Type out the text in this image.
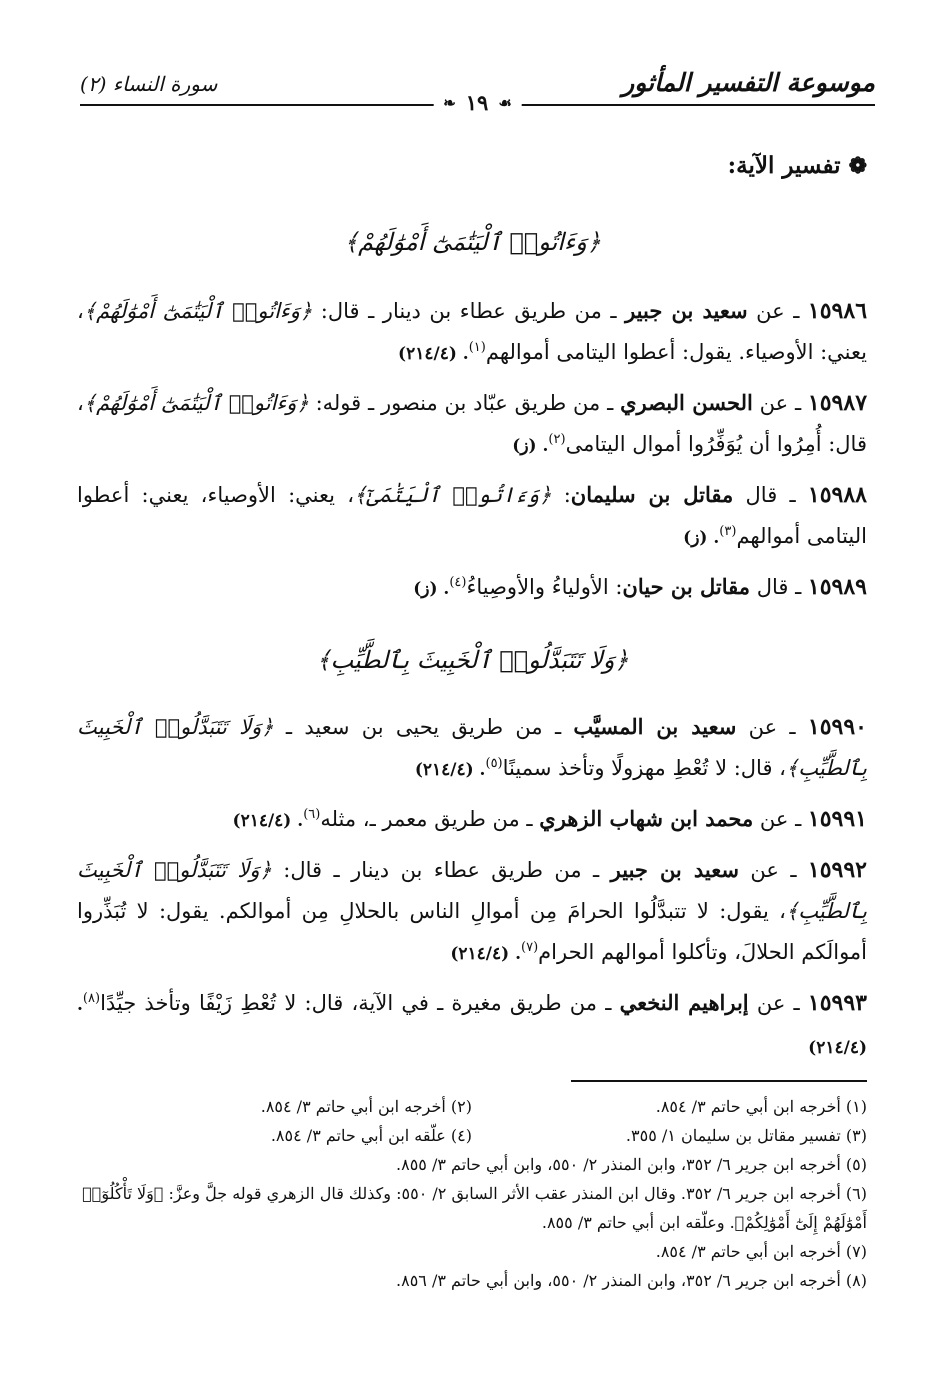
موسوعة التفسير المأثور
سورة النساء (٢)
❧ ١٩ ☙
❁تفسير الآية:
﴿وَءَاتُوا۟ ٱلْيَتَٰمَىٰٓ أَمْوَٰلَهُمْ﴾

١٥٩٨٦ ـ عن سعيد بن جبير ـ من طريق عطاء بن دينار ـ قال: ﴿وَءَاتُوا۟ ٱلْيَتَٰمَىٰٓ أَمْوَٰلَهُمْ﴾، يعني: الأوصياء. يقول: أعطوا اليتامى أموالهم$^{(١)}$. (٢١٤/٤)

١٥٩٨٧ ـ عن الحسن البصري ـ من طريق عبّاد بن منصور ـ قوله: ﴿وَءَاتُوا۟ ٱلْيَتَٰمَىٰٓ أَمْوَٰلَهُمْ﴾، قال: أُمِرُوا أن يُوَفِّرُوا أموال اليتامى$^{(٢)}$. (ز)

١٥٩٨٨ ـ قال مقاتل بن سليمان: ﴿وَءَاتُوا۟ ٱلْيَتَٰمَىٰٓ﴾، يعني: الأوصياء، يعني: أعطوا اليتامى أموالهم$^{(٣)}$. (ز)

١٥٩٨٩ ـ قال مقاتل بن حيان: الأولياءُ والأوصِياءُ$^{(٤)}$. (ز)

﴿وَلَا تَتَبَدَّلُوا۟ ٱلْخَبِيثَ بِٱلطَّيِّبِ﴾

١٥٩٩٠ ـ عن سعيد بن المسيَّب ـ من طريق يحيى بن سعيد ـ ﴿وَلَا تَتَبَدَّلُوا۟ ٱلْخَبِيثَ بِٱلطَّيِّبِ﴾، قال: لا تُعْطِ مهزولًا وتأخذ سمينًا$^{(٥)}$. (٢١٤/٤)

١٥٩٩١ ـ عن محمد ابن شهاب الزهري ـ من طريق معمر ـ، مثله$^{(٦)}$. (٢١٤/٤)

١٥٩٩٢ ـ عن سعيد بن جبير ـ من طريق عطاء بن دينار ـ قال: ﴿وَلَا تَتَبَدَّلُوا۟ ٱلْخَبِيثَ بِٱلطَّيِّبِ﴾، يقول: لا تتبدَّلُوا الحرامَ مِن أموالِ الناس بالحلالِ مِن أموالكم. يقول: لا تُبَذِّروا أموالَكم الحلالَ، وتأكلوا أموالهم الحرام$^{(٧)}$. (٢١٤/٤)

١٥٩٩٣ ـ عن إبراهيم النخعي ـ من طريق مغيرة ـ في الآية، قال: لا تُعْطِ زَيْفًا وتأخذ جيِّدًا$^{(٨)}$. (٢١٤/٤)

(١) أخرجه ابن أبي حاتم ٣/ ٨٥٤.
(٢) أخرجه ابن أبي حاتم ٣/ ٨٥٤.
(٣) تفسير مقاتل بن سليمان ١/ ٣٥٥.
(٤) علّقه ابن أبي حاتم ٣/ ٨٥٤.
(٥) أخرجه ابن جرير ٦/ ٣٥٢، وابن المنذر ٢/ ٥٥٠، وابن أبي حاتم ٣/ ٨٥٥.
(٦) أخرجه ابن جرير ٦/ ٣٥٢. وقال ابن المنذر عقب الأثر السابق ٢/ ٥٥٠: وكذلك قال الزهري قوله جلَّ وعزَّ: ﴿وَلَا تَأْكُلُوٓا۟ أَمْوَٰلَهُمْ إِلَىٰٓ أَمْوَٰلِكُمْ﴾. وعلّقه ابن أبي حاتم ٣/ ٨٥٥.
(٧) أخرجه ابن أبي حاتم ٣/ ٨٥٤.
(٨) أخرجه ابن جرير ٦/ ٣٥٢، وابن المنذر ٢/ ٥٥٠، وابن أبي حاتم ٣/ ٨٥٦.
